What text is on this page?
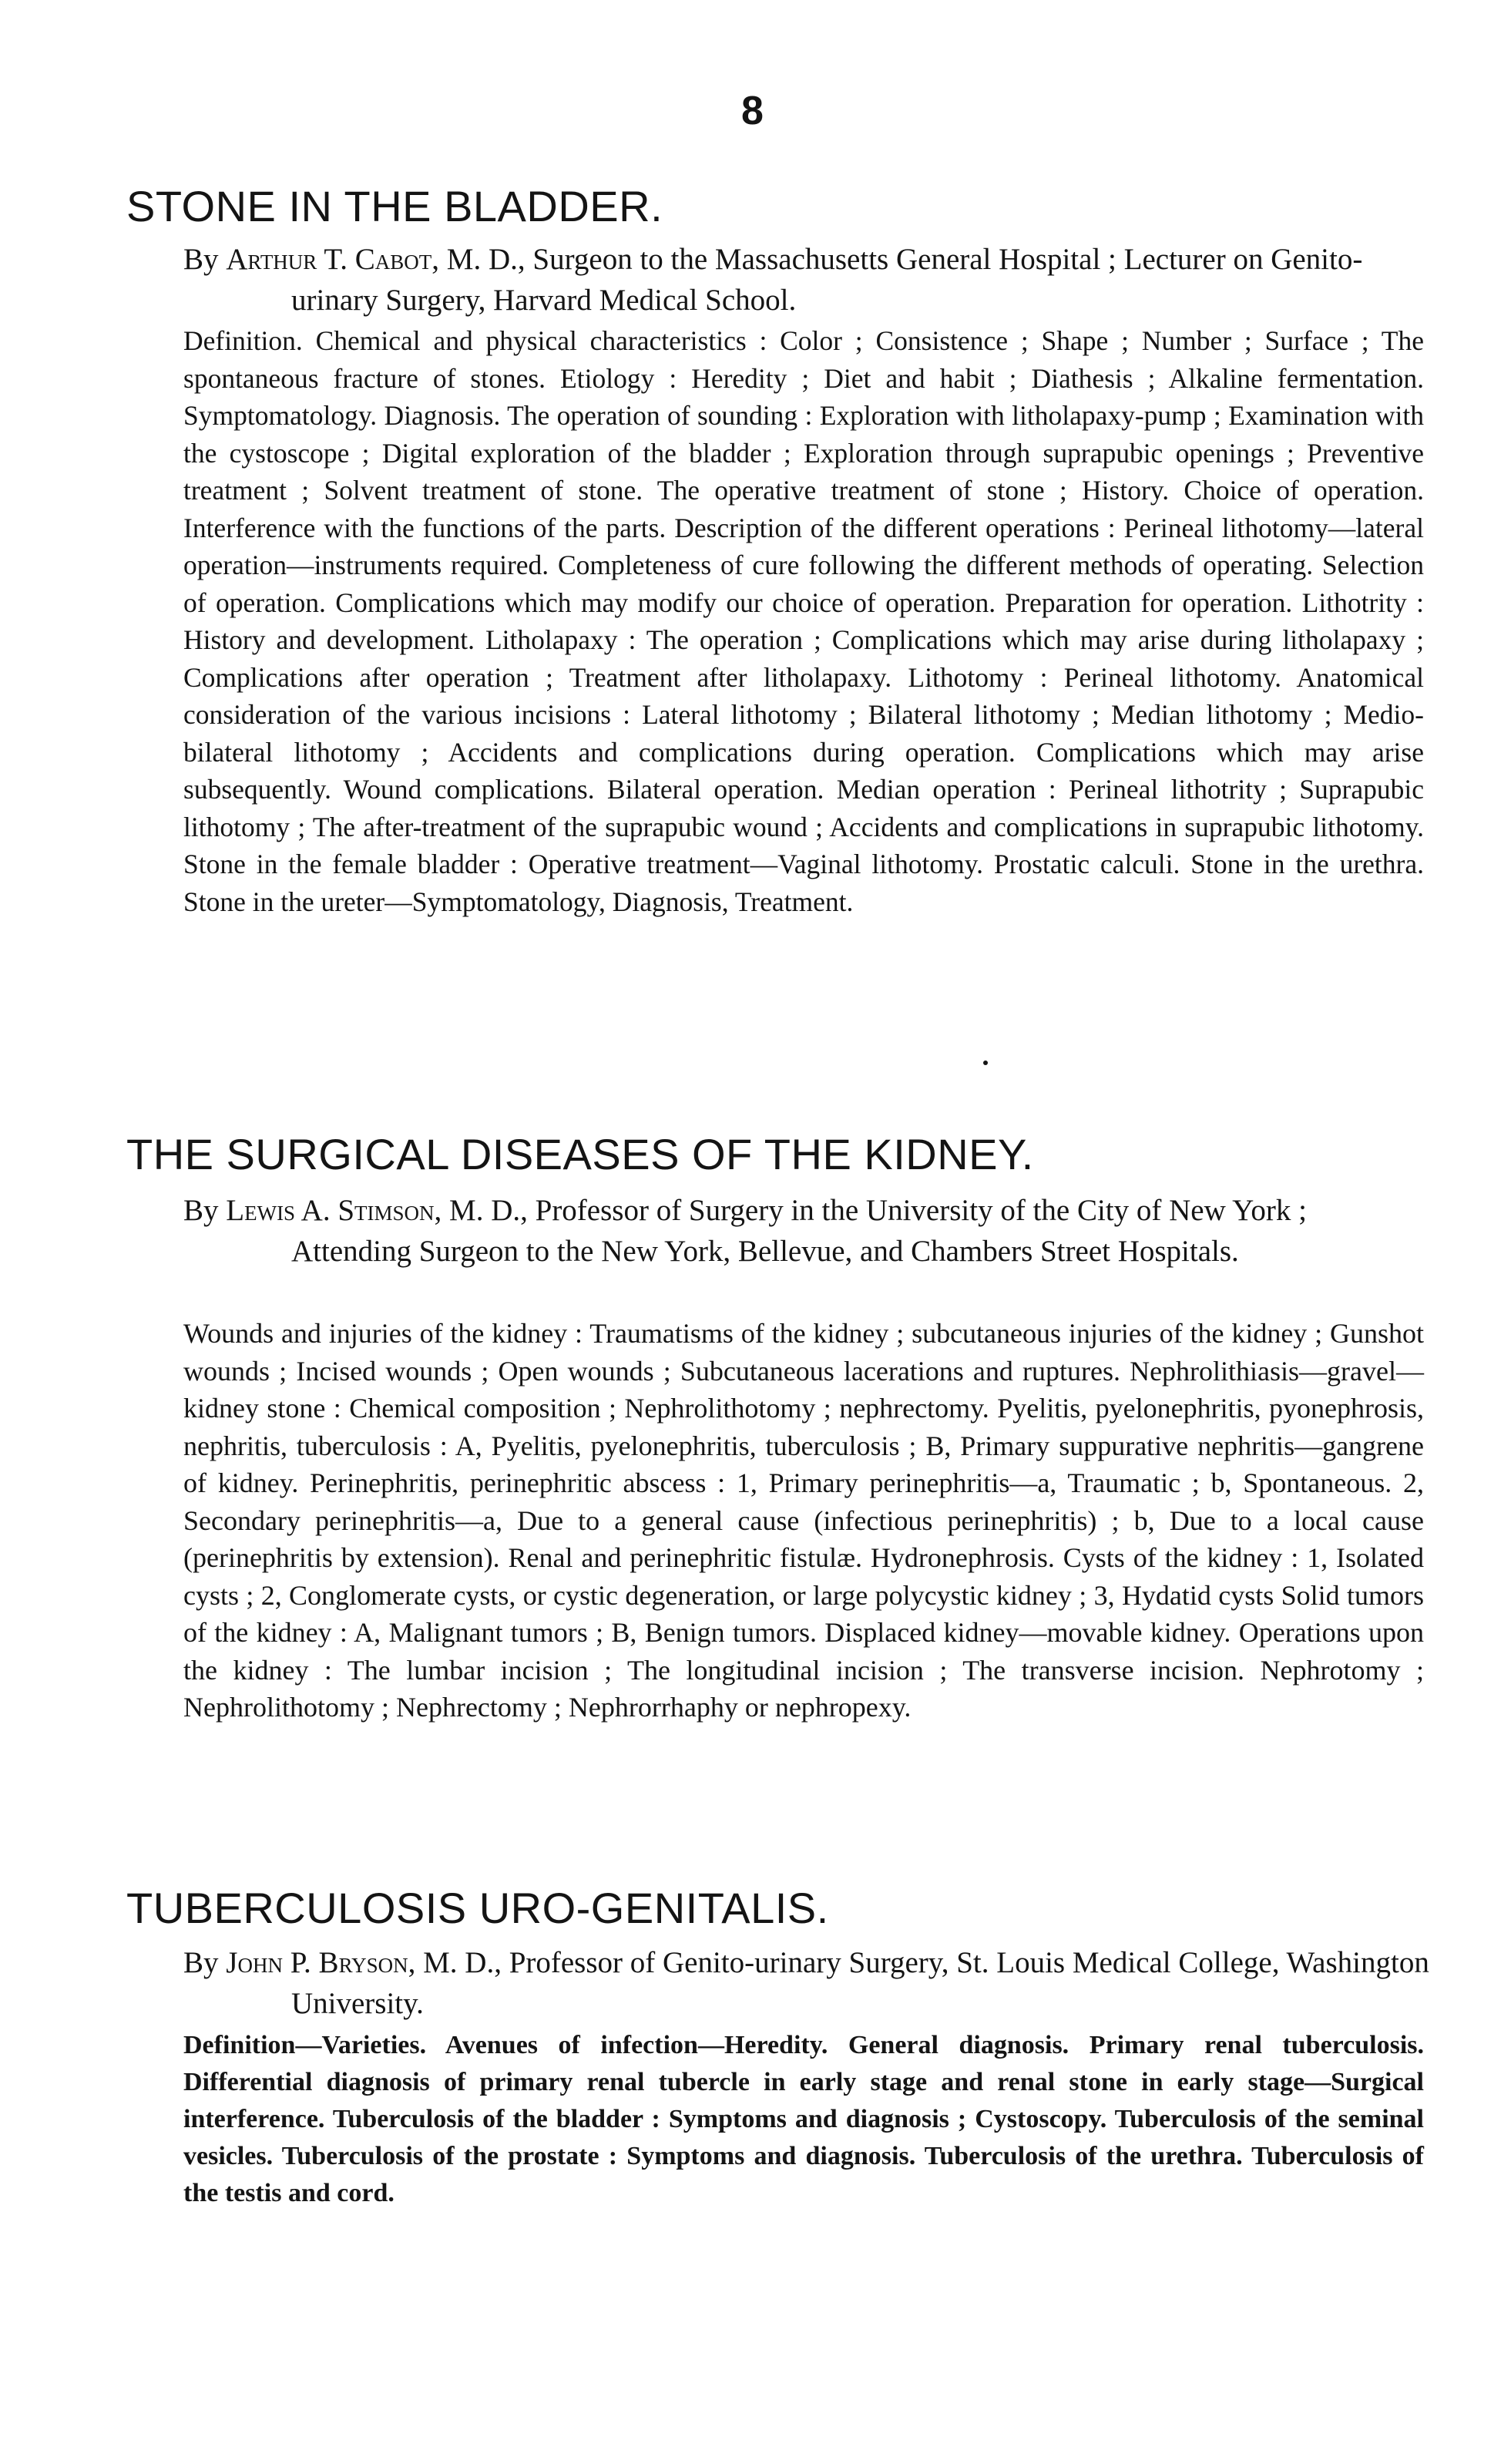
8
STONE IN THE BLADDER.
By Arthur T. Cabot, M. D., Surgeon to the Massachusetts General Hospital ; Lecturer on Genito-urinary Surgery, Harvard Medical School.
Definition. Chemical and physical characteristics : Color ; Consistence ; Shape ; Number ; Surface ; The spontaneous fracture of stones. Etiology : Heredity ; Diet and habit ; Diathesis ; Alkaline fermentation. Symptomatology. Diagnosis. The operation of sounding : Exploration with litholapaxy-pump ; Examination with the cystoscope ; Digital exploration of the bladder ; Exploration through suprapubic openings ; Preventive treatment ; Solvent treatment of stone. The operative treatment of stone ; History. Choice of operation. Interference with the functions of the parts. Description of the different operations : Perineal lithotomy—lateral operation—instruments required. Completeness of cure following the different methods of operating. Selection of operation. Complications which may modify our choice of operation. Preparation for operation. Lithotrity : History and development. Litholapaxy : The operation ; Complications which may arise during litholapaxy ; Complications after operation ; Treatment after litholapaxy. Lithotomy : Perineal lithotomy. Anatomical consideration of the various incisions : Lateral lithotomy ; Bilateral lithotomy ; Median lithotomy ; Medio-bilateral lithotomy ; Accidents and complications during operation. Complications which may arise subsequently. Wound complications. Bilateral operation. Median operation : Perineal lithotrity ; Suprapubic lithotomy ; The after-treatment of the suprapubic wound ; Accidents and complications in suprapubic lithotomy. Stone in the female bladder : Operative treatment—Vaginal lithotomy. Prostatic calculi. Stone in the urethra. Stone in the ureter—Symptomatology, Diagnosis, Treatment.
THE SURGICAL DISEASES OF THE KIDNEY.
By Lewis A. Stimson, M. D., Professor of Surgery in the University of the City of New York ; Attending Surgeon to the New York, Bellevue, and Chambers Street Hospitals.
Wounds and injuries of the kidney : Traumatisms of the kidney ; subcutaneous injuries of the kidney ; Gunshot wounds ; Incised wounds ; Open wounds ; Subcutaneous lacerations and ruptures. Nephrolithiasis—gravel—kidney stone : Chemical composition ; Nephrolithotomy ; nephrectomy. Pyelitis, pyelonephritis, pyonephrosis, nephritis, tuberculosis : A, Pyelitis, pyelonephritis, tuberculosis ; B, Primary suppurative nephritis—gangrene of kidney. Perinephritis, perinephritic abscess : 1, Primary perinephritis—a, Traumatic ; b, Spontaneous. 2, Secondary perinephritis—a, Due to a general cause (infectious perinephritis) ; b, Due to a local cause (perinephritis by extension). Renal and perinephritic fistulæ. Hydronephrosis. Cysts of the kidney : 1, Isolated cysts ; 2, Conglomerate cysts, or cystic degeneration, or large polycystic kidney ; 3, Hydatid cysts Solid tumors of the kidney : A, Malignant tumors ; B, Benign tumors. Displaced kidney—movable kidney. Operations upon the kidney : The lumbar incision ; The longitudinal incision ; The transverse incision. Nephrotomy ; Nephrolithotomy ; Nephrectomy ; Nephrorrhaphy or nephropexy.
TUBERCULOSIS URO-GENITALIS.
By John P. Bryson, M. D., Professor of Genito-urinary Surgery, St. Louis Medical College, Washington University.
Definition—Varieties. Avenues of infection—Heredity. General diagnosis. Primary renal tuberculosis. Differential diagnosis of primary renal tubercle in early stage and renal stone in early stage—Surgical interference. Tuberculosis of the bladder : Symptoms and diagnosis ; Cystoscopy. Tuberculosis of the seminal vesicles. Tuberculosis of the prostate : Symptoms and diagnosis. Tuberculosis of the urethra. Tuberculosis of the testis and cord.
